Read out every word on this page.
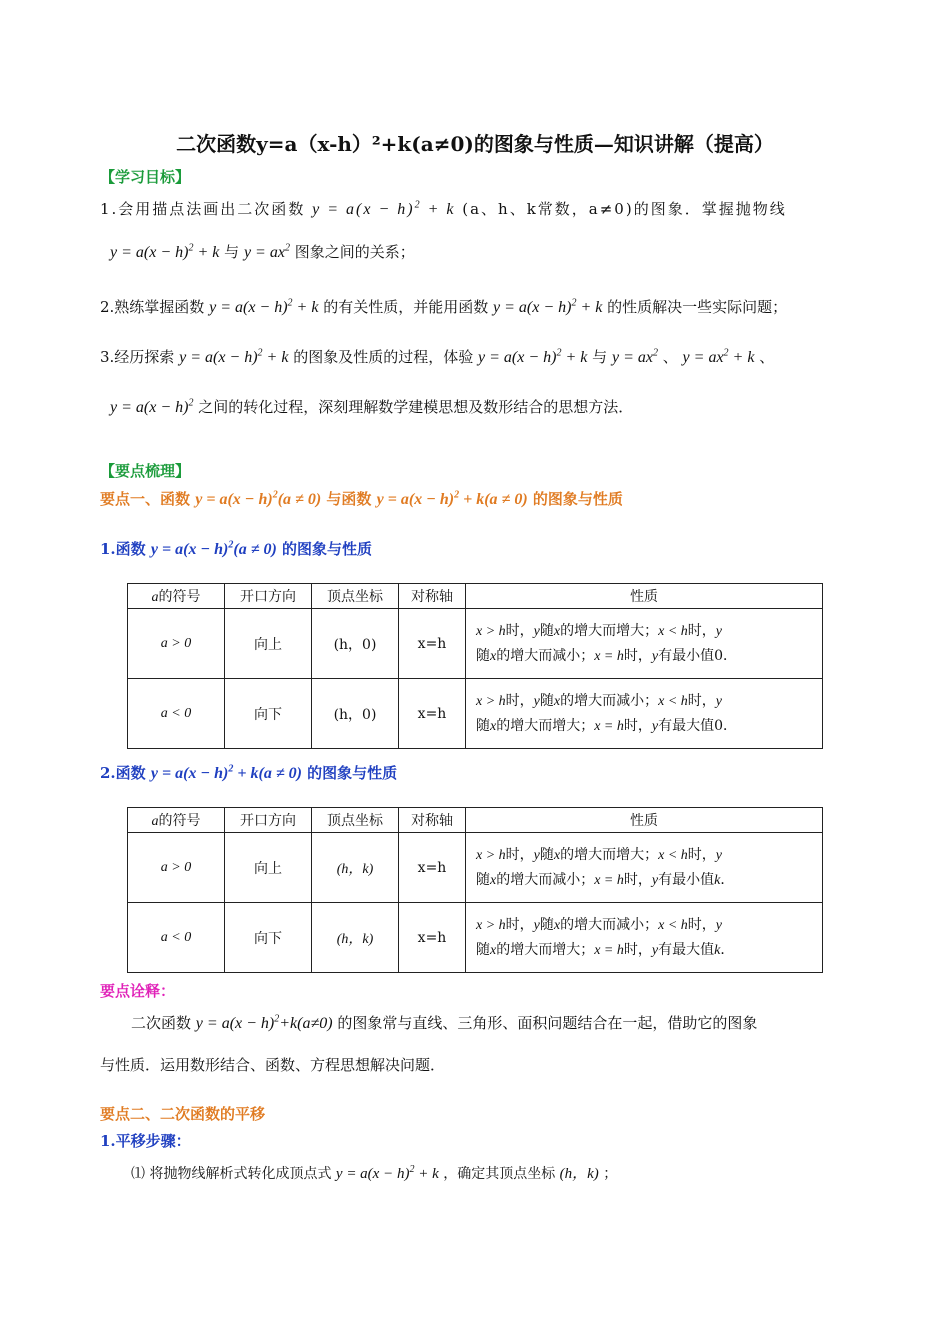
二次函数y=a（x-h）²+k(a≠0)的图象与性质—知识讲解（提高）
【学习目标】
1.会用描点法画出二次函数 $y = a(x - h)^2 + k$ (a、h、k常数，a≠0)的图象．掌握抛物线
$y = a(x - h)^2 + k$ 与 $y = ax^2$ 图象之间的关系；
2.熟练掌握函数 $y = a(x - h)^2 + k$ 的有关性质，并能用函数 $y = a(x - h)^2 + k$ 的性质解决一些实际问题；
3.经历探索 $y = a(x - h)^2 + k$ 的图象及性质的过程，体验 $y = a(x - h)^2 + k$ 与 $y = ax^2$ 、 $y = ax^2 + k$ 、
$y = a(x - h)^2$ 之间的转化过程，深刻理解数学建模思想及数形结合的思想方法．
【要点梳理】
要点一、函数 $y = a(x - h)^2(a \ne 0)$ 与函数 $y = a(x - h)^2 + k(a \ne 0)$ 的图象与性质
1.函数 $y = a(x - h)^2(a \ne 0)$ 的图象与性质
a的符号	开口方向	顶点坐标	对称轴	性质
a > 0	向上	(h，0)	x=h	x > h时，y随x的增大而增大；x < h时，y
随x的增大而减小；x = h时，y有最小值0．
a < 0	向下	(h，0)	x=h	x > h时，y随x的增大而减小；x < h时，y
随x的增大而增大；x = h时，y有最大值0．
2.函数 $y = a(x - h)^2 + k(a \ne 0)$ 的图象与性质
a的符号	开口方向	顶点坐标	对称轴	性质
a > 0	向上	(h，k)	x=h	x > h时，y随x的增大而增大；x < h时，y
随x的增大而减小；x = h时，y有最小值k．
a < 0	向下	(h，k)	x=h	x > h时，y随x的增大而减小；x < h时，y
随x的增大而增大；x = h时，y有最大值k．
要点诠释：
二次函数 $y = a(x - h)^2+k(a\ne 0)$ 的图象常与直线、三角形、面积问题结合在一起，借助它的图象
与性质．运用数形结合、函数、方程思想解决问题．
要点二、二次函数的平移
1.平移步骤：
⑴ 将抛物线解析式转化成顶点式 $y = a(x - h)^2 + k$ ，确定其顶点坐标 (h，k) ；
